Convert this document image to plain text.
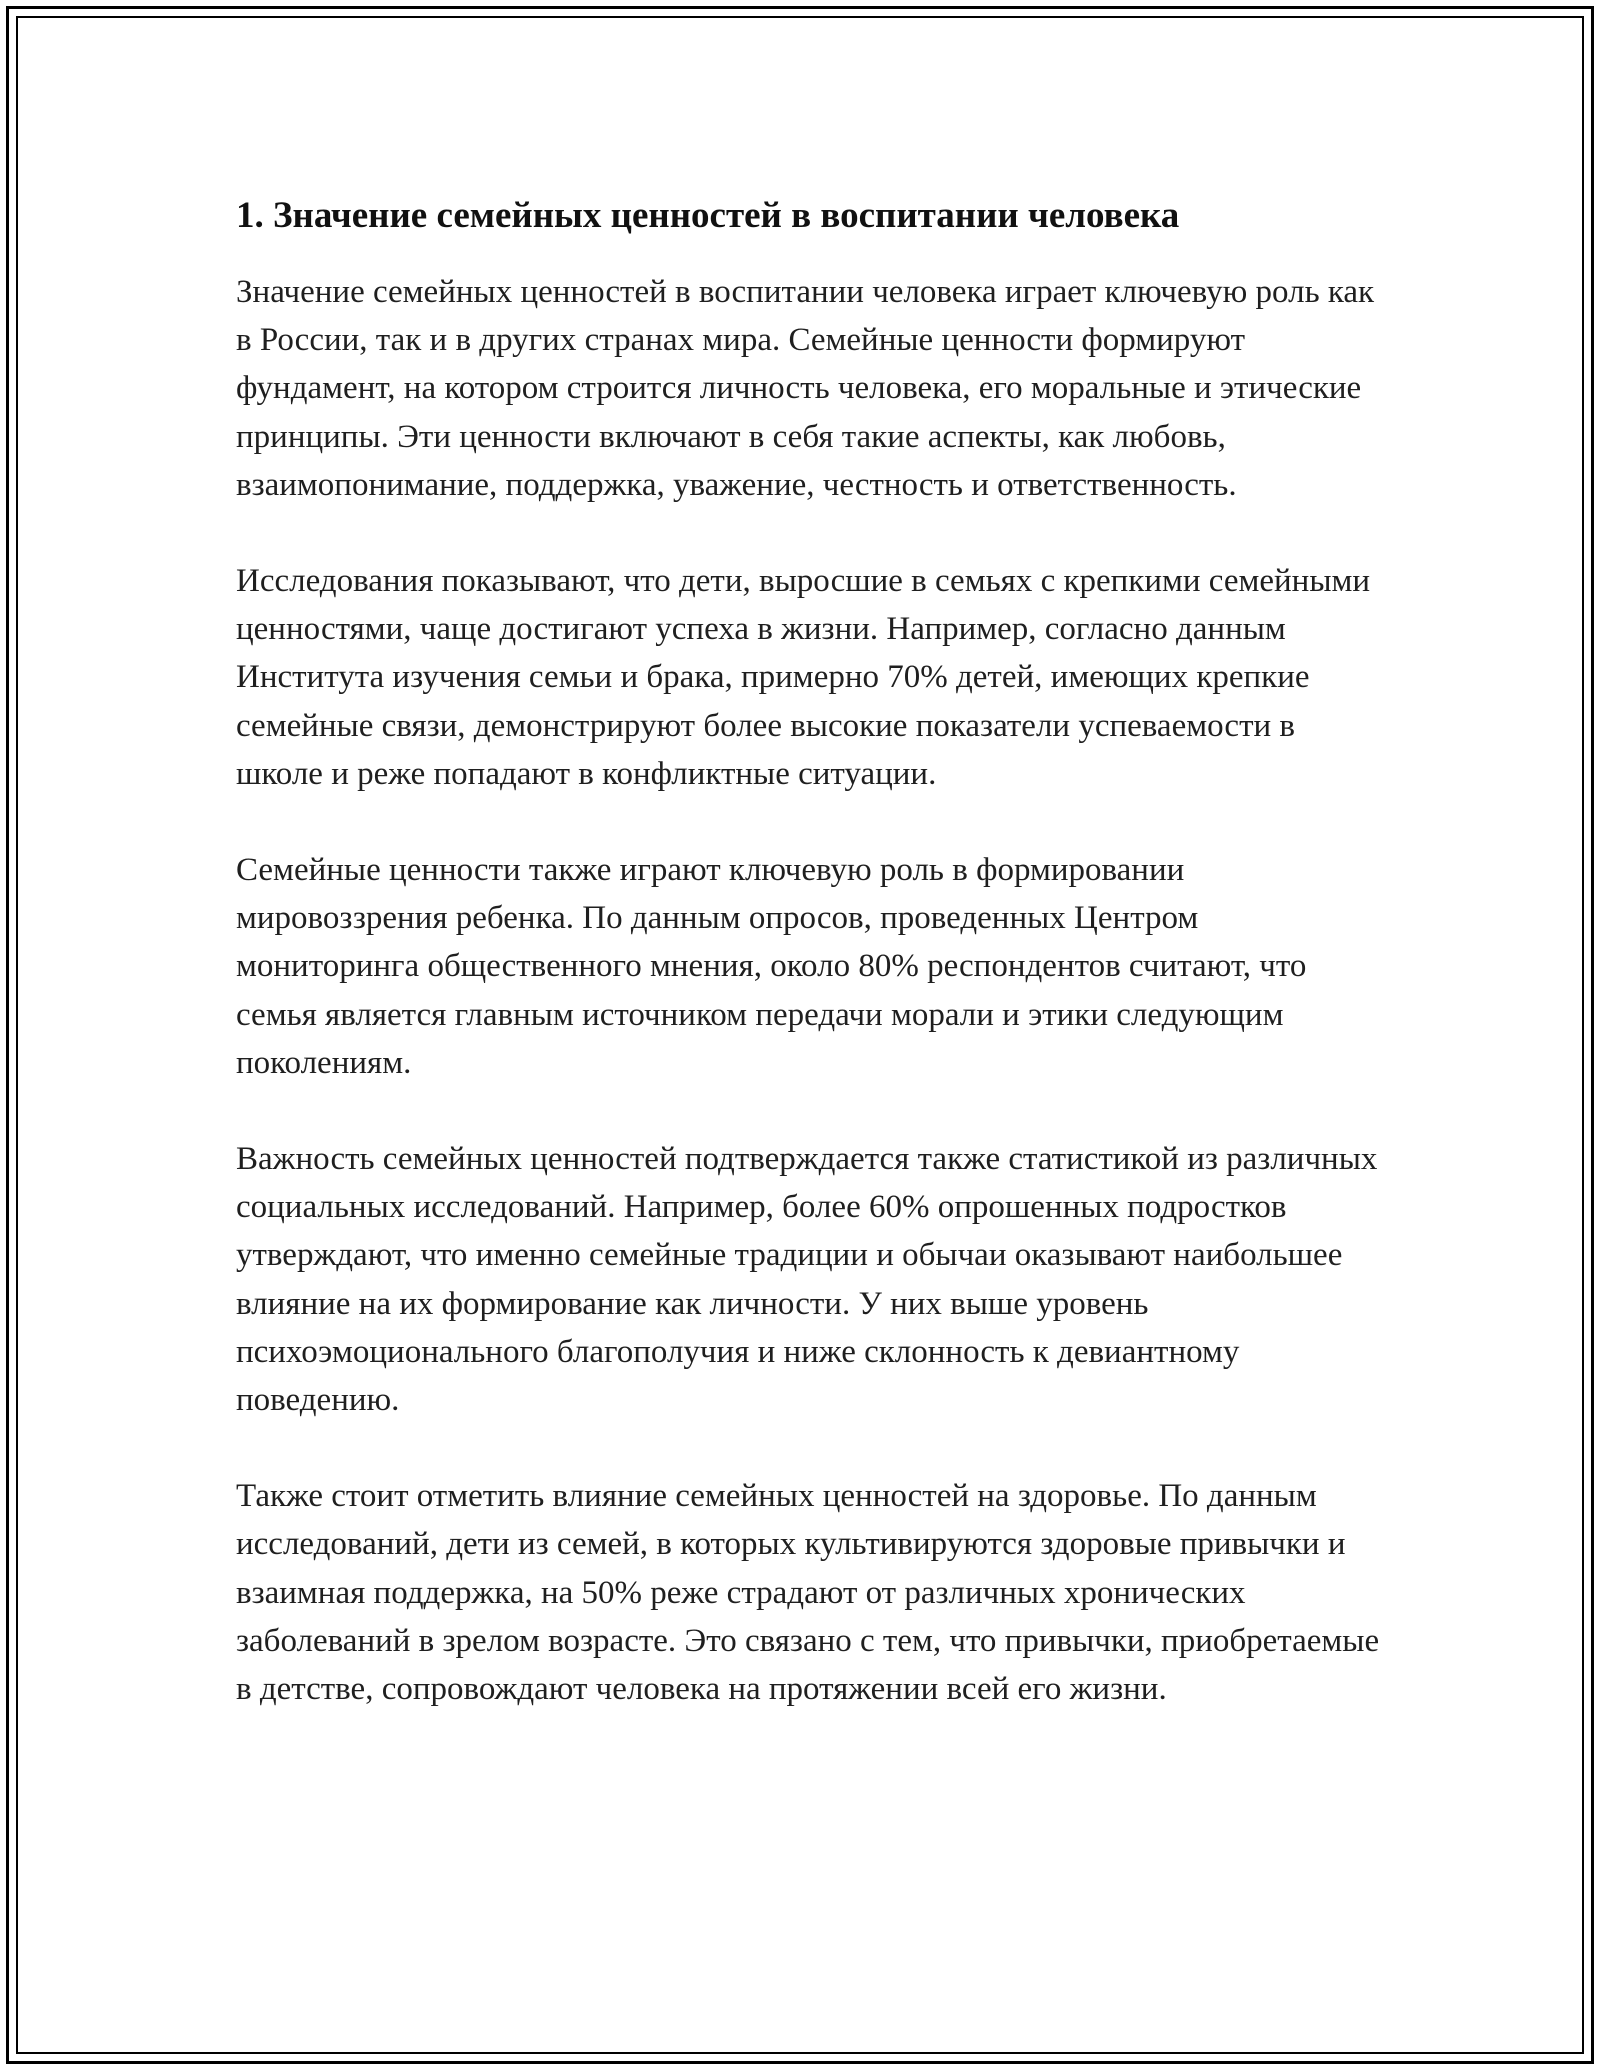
1. Значение семейных ценностей в воспитании человека

Значение семейных ценностей в воспитании человека играет ключевую роль как в России, так и в других странах мира. Семейные ценности формируют фундамент, на котором строится личность человека, его моральные и этические принципы. Эти ценности включают в себя такие аспекты, как любовь, взаимопонимание, поддержка, уважение, честность и ответственность.

Исследования показывают, что дети, выросшие в семьях с крепкими семейными ценностями, чаще достигают успеха в жизни. Например, согласно данным Института изучения семьи и брака, примерно 70% детей, имеющих крепкие семейные связи, демонстрируют более высокие показатели успеваемости в школе и реже попадают в конфликтные ситуации.

Семейные ценности также играют ключевую роль в формировании мировоззрения ребенка. По данным опросов, проведенных Центром мониторинга общественного мнения, около 80% респондентов считают, что семья является главным источником передачи морали и этики следующим поколениям.

Важность семейных ценностей подтверждается также статистикой из различных социальных исследований. Например, более 60% опрошенных подростков утверждают, что именно семейные традиции и обычаи оказывают наибольшее влияние на их формирование как личности. У них выше уровень психоэмоционального благополучия и ниже склонность к девиантному поведению.

Также стоит отметить влияние семейных ценностей на здоровье. По данным исследований, дети из семей, в которых культивируются здоровые привычки и взаимная поддержка, на 50% реже страдают от различных хронических заболеваний в зрелом возрасте. Это связано с тем, что привычки, приобретаемые в детстве, сопровождают человека на протяжении всей его жизни.
